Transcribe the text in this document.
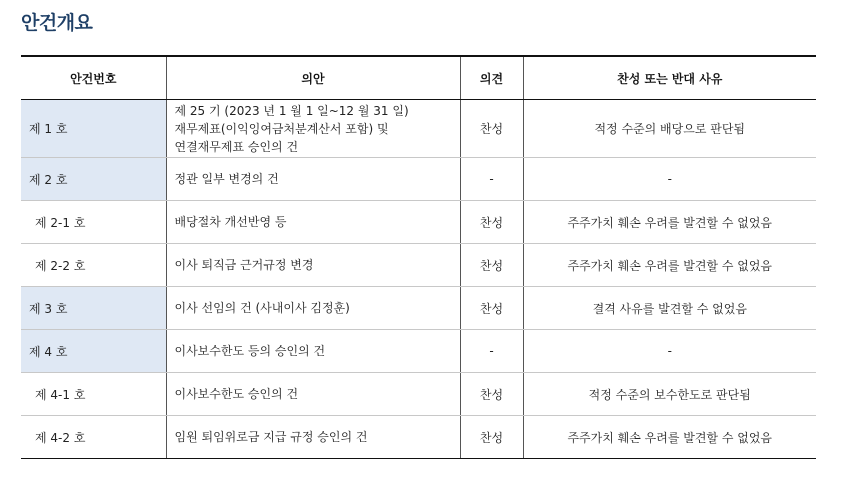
안건개요
안건번호	의안	의견	찬성 또는 반대 사유
제 1 호	제 25 기 (2023 년 1 월 1 일~12 월 31 일)
재무제표(이익잉여금처분계산서 포함) 및
연결재무제표 승인의 건	찬성	적정 수준의 배당으로 판단됨
제 2 호	정관 일부 변경의 건	-	-
제 2-1 호	배당절차 개선반영 등	찬성	주주가치 훼손 우려를 발견할 수 없었음
제 2-2 호	이사 퇴직금 근거규정 변경	찬성	주주가치 훼손 우려를 발견할 수 없었음
제 3 호	이사 선임의 건 (사내이사 김정훈)	찬성	결격 사유를 발견할 수 없었음
제 4 호	이사보수한도 등의 승인의 건	-	-
제 4-1 호	이사보수한도 승인의 건	찬성	적정 수준의 보수한도로 판단됨
제 4-2 호	임원 퇴임위로금 지급 규정 승인의 건	찬성	주주가치 훼손 우려를 발견할 수 없었음
